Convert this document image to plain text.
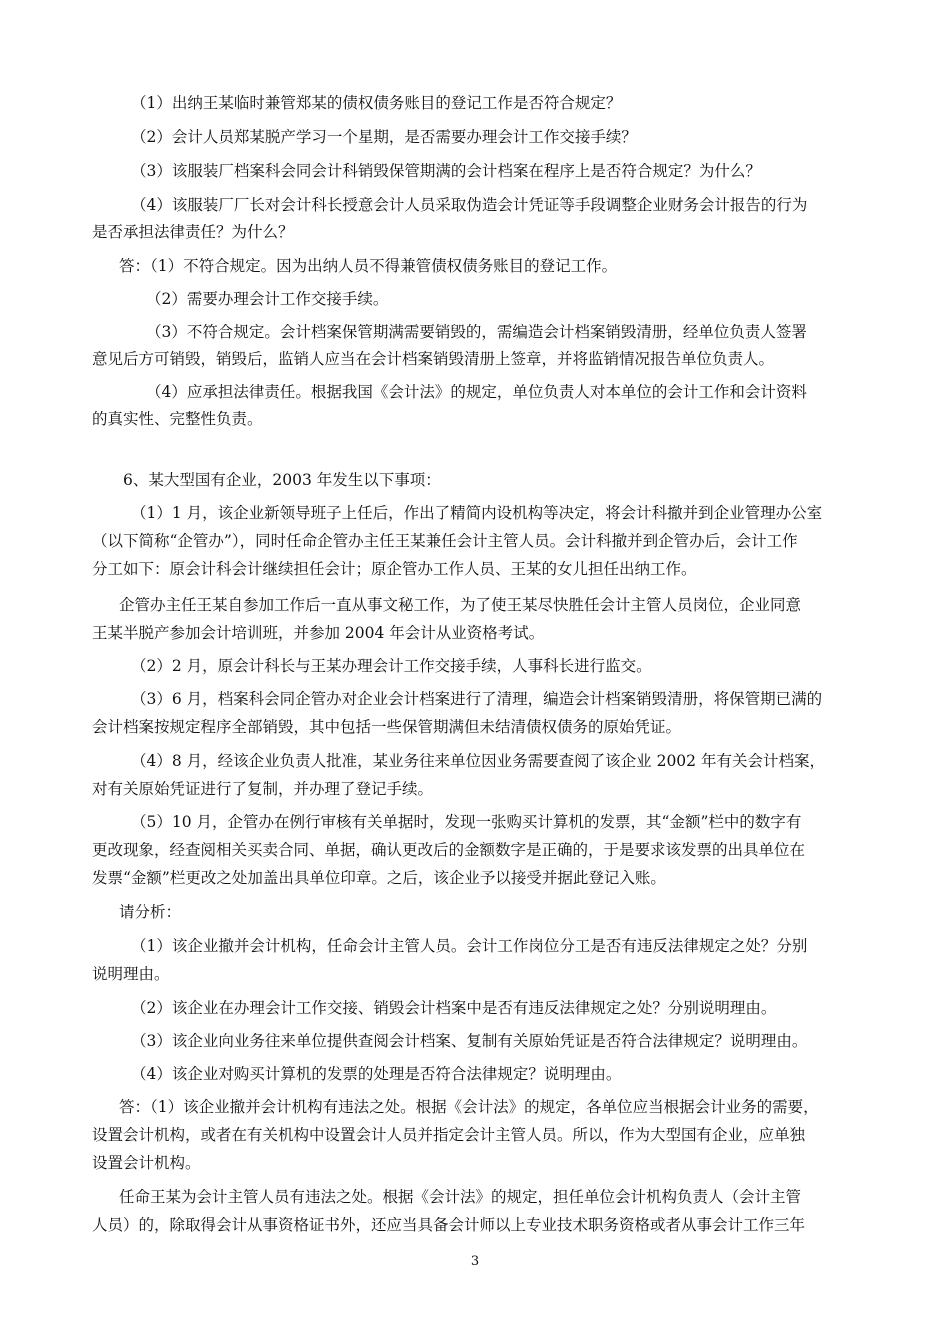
（1）出纳王某临时兼管郑某的债权债务账目的登记工作是否符合规定？
（2）会计人员郑某脱产学习一个星期，是否需要办理会计工作交接手续？
（3）该服装厂档案科会同会计科销毁保管期满的会计档案在程序上是否符合规定？为什么？
（4）该服装厂厂长对会计科长授意会计人员采取伪造会计凭证等手段调整企业财务会计报告的行为
是否承担法律责任？为什么？
答：（1）不符合规定。因为出纳人员不得兼管债权债务账目的登记工作。
（2）需要办理会计工作交接手续。
（3）不符合规定。会计档案保管期满需要销毁的，需编造会计档案销毁清册，经单位负责人签署
意见后方可销毁，销毁后，监销人应当在会计档案销毁清册上签章，并将监销情况报告单位负责人。
（4）应承担法律责任。根据我国《会计法》的规定，单位负责人对本单位的会计工作和会计资料
的真实性、完整性负责。
6、某大型国有企业，2003 年发生以下事项：
（1）1 月，该企业新领导班子上任后，作出了精简内设机构等决定，将会计科撤并到企业管理办公室
（以下简称“企管办”），同时任命企管办主任王某兼任会计主管人员。会计科撤并到企管办后，会计工作
分工如下：原会计科会计继续担任会计；原企管办工作人员、王某的女儿担任出纳工作。
企管办主任王某自参加工作后一直从事文秘工作，为了使王某尽快胜任会计主管人员岗位，企业同意
王某半脱产参加会计培训班，并参加 2004 年会计从业资格考试。
（2）2 月，原会计科长与王某办理会计工作交接手续，人事科长进行监交。
（3）6 月，档案科会同企管办对企业会计档案进行了清理，编造会计档案销毁清册，将保管期已满的
会计档案按规定程序全部销毁，其中包括一些保管期满但未结清债权债务的原始凭证。
（4）8 月，经该企业负责人批准，某业务往来单位因业务需要查阅了该企业 2002 年有关会计档案，
对有关原始凭证进行了复制，并办理了登记手续。
（5）10 月，企管办在例行审核有关单据时，发现一张购买计算机的发票，其“金额”栏中的数字有
更改现象，经查阅相关买卖合同、单据，确认更改后的金额数字是正确的，于是要求该发票的出具单位在
发票“金额”栏更改之处加盖出具单位印章。之后，该企业予以接受并据此登记入账。
请分析：
（1）该企业撤并会计机构，任命会计主管人员。会计工作岗位分工是否有违反法律规定之处？分别
说明理由。
（2）该企业在办理会计工作交接、销毁会计档案中是否有违反法律规定之处？分别说明理由。
（3）该企业向业务往来单位提供查阅会计档案、复制有关原始凭证是否符合法律规定？说明理由。
（4）该企业对购买计算机的发票的处理是否符合法律规定？说明理由。
答：（1）该企业撤并会计机构有违法之处。根据《会计法》的规定，各单位应当根据会计业务的需要，
设置会计机构，或者在有关机构中设置会计人员并指定会计主管人员。所以，作为大型国有企业，应单独
设置会计机构。
任命王某为会计主管人员有违法之处。根据《会计法》的规定，担任单位会计机构负责人（会计主管
人员）的，除取得会计从事资格证书外，还应当具备会计师以上专业技术职务资格或者从事会计工作三年
3
